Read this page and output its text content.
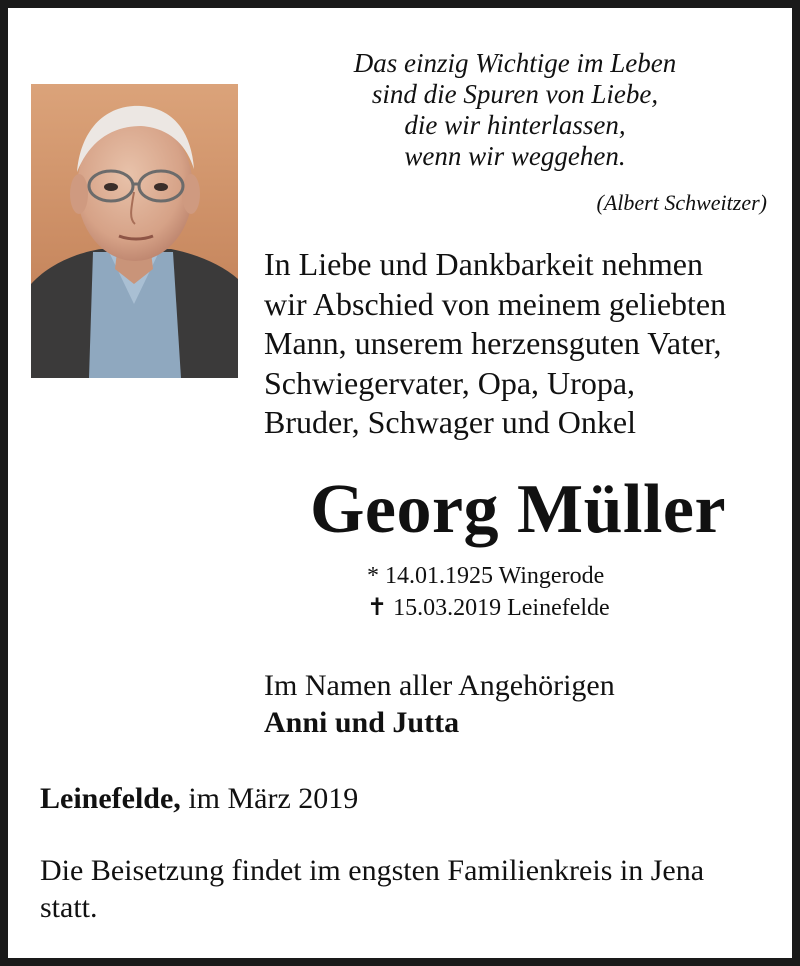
Das einzig Wichtige im Leben
sind die Spuren von Liebe,
die wir hinterlassen,
wenn wir weggehen.
(Albert Schweitzer)
In Liebe und Dankbarkeit nehmen
wir Abschied von meinem geliebten
Mann, unserem herzensguten Vater,
Schwiegervater, Opa, Uropa,
Bruder, Schwager und Onkel
Georg Müller
* 14.01.1925 Wingerode
✝ 15.03.2019 Leinefelde
Im Namen aller Angehörigen
Anni und Jutta
Leinefelde, im März 2019
Die Beisetzung findet im engsten Familienkreis in Jena statt.
